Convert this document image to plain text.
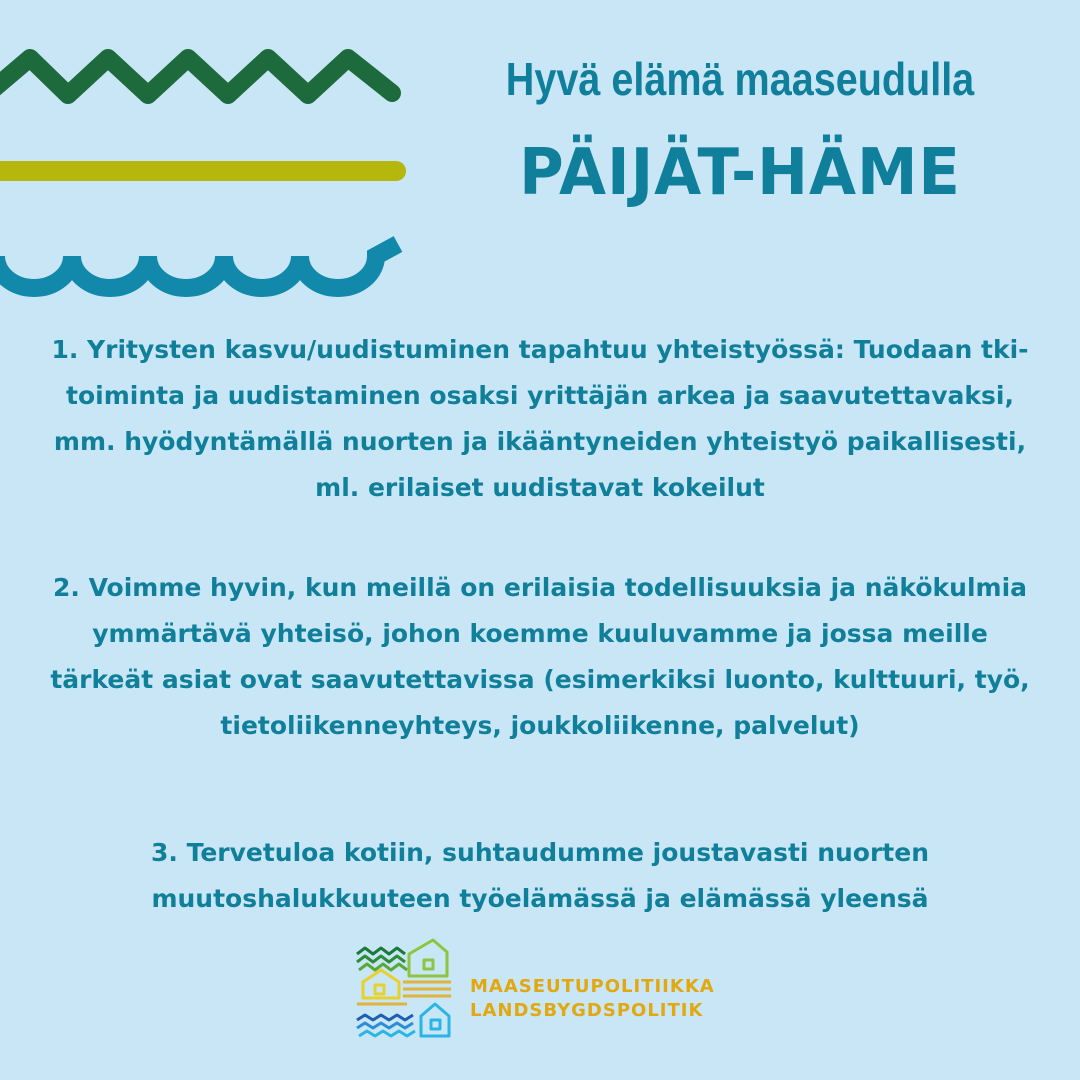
Hyvä elämä maaseudulla
PÄIJÄT-HÄME

1. Yritysten kasvu/uudistuminen tapahtuu yhteistyössä: Tuodaan tki-toiminta ja uudistaminen osaksi yrittäjän arkea ja saavutettavaksi, mm. hyödyntämällä nuorten ja ikääntyneiden yhteistyö paikallisesti, ml. erilaiset uudistavat kokeilut

2. Voimme hyvin, kun meillä on erilaisia todellisuuksia ja näkökulmia ymmärtävä yhteisö, johon koemme kuuluvamme ja jossa meille tärkeät asiat ovat saavutettavissa (esimerkiksi luonto, kulttuuri, työ, tietoliikenneyhteys, joukkoliikenne, palvelut)

3. Tervetuloa kotiin, suhtaudumme joustavasti nuorten muutoshalukkuuteen työelämässä ja elämässä yleensä

MAASEUTUPOLITIIKKA
LANDSBYGDSPOLITIK
